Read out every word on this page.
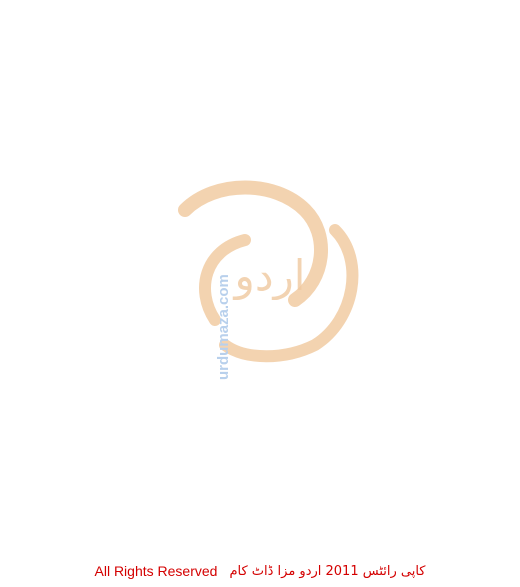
اردو
urdumaza.com

All Rights Reserved کاپی رائٹس 2011 اردو مزا ڈاٹ کام
